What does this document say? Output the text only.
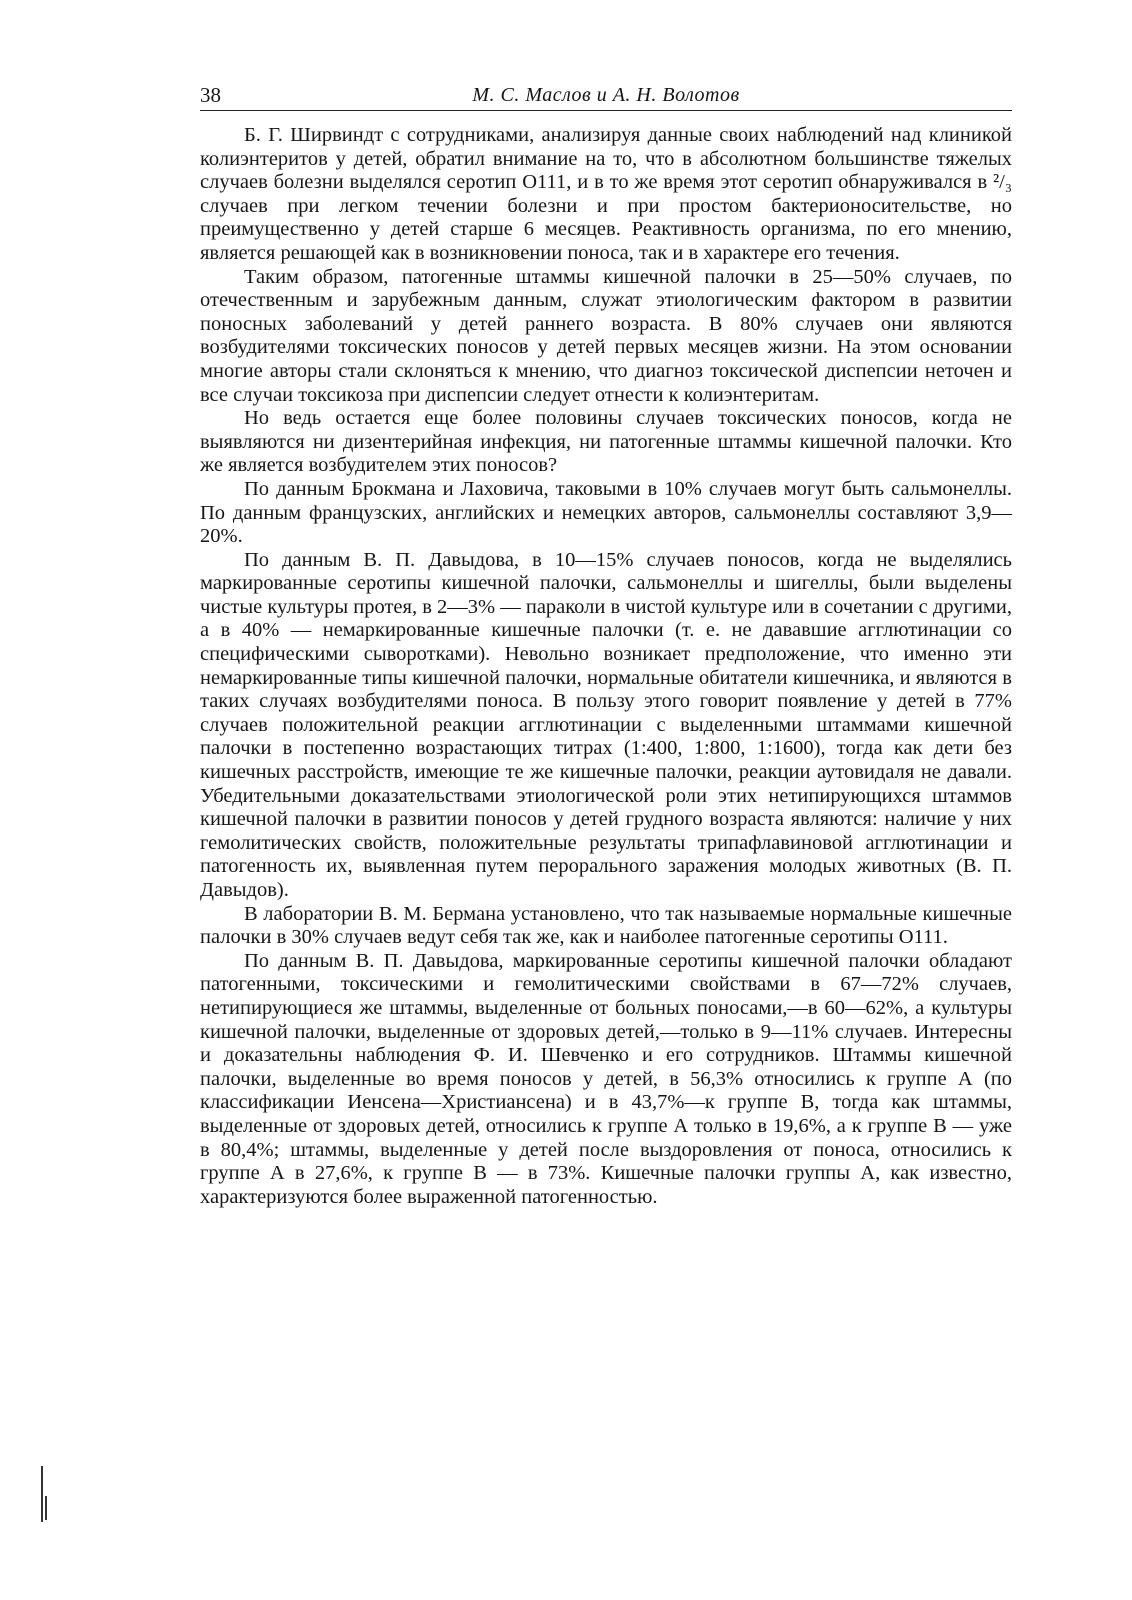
38	М. С. Маслов и А. Н. Волотов

Б. Г. Ширвиндт с сотрудниками, анализируя данные своих наблюдений над клиникой колиэнтеритов у детей, обратил внимание на то, что в абсолютном большинстве тяжелых случаев болезни выделялся серотип О111, и в то же время этот серотип обнаруживался в ²/₃ случаев при легком течении болезни и при простом бактерионосительстве, но преимущественно у детей старше 6 месяцев. Реактивность организма, по его мнению, является решающей как в возникновении поноса, так и в характере его течения.

Таким образом, патогенные штаммы кишечной палочки в 25—50% случаев, по отечественным и зарубежным данным, служат этиологическим фактором в развитии поносных заболеваний у детей раннего возраста. В 80% случаев они являются возбудителями токсических поносов у детей первых месяцев жизни. На этом основании многие авторы стали склоняться к мнению, что диагноз токсической диспепсии неточен и все случаи токсикоза при диспепсии следует отнести к колиэнтеритам.

Но ведь остается еще более половины случаев токсических поносов, когда не выявляются ни дизентерийная инфекция, ни патогенные штаммы кишечной палочки. Кто же является возбудителем этих поносов?

По данным Брокмана и Лаховича, таковыми в 10% случаев могут быть сальмонеллы. По данным французских, английских и немецких авторов, сальмонеллы составляют 3,9—20%.

По данным В. П. Давыдова, в 10—15% случаев поносов, когда не выделялись маркированные серотипы кишечной палочки, сальмонеллы и шигеллы, были выделены чистые культуры протея, в 2—3% — параколи в чистой культуре или в сочетании с другими, а в 40% — немаркированные кишечные палочки (т. е. не дававшие агглютинации со специфическими сыворотками). Невольно возникает предположение, что именно эти немаркированные типы кишечной палочки, нормальные обитатели кишечника, и являются в таких случаях возбудителями поноса. В пользу этого говорит появление у детей в 77% случаев положительной реакции агглютинации с выделенными штаммами кишечной палочки в постепенно возрастающих титрах (1:400, 1:800, 1:1600), тогда как дети без кишечных расстройств, имеющие те же кишечные палочки, реакции аутовидаля не давали. Убедительными доказательствами этиологической роли этих нетипирующихся штаммов кишечной палочки в развитии поносов у детей грудного возраста являются: наличие у них гемолитических свойств, положительные результаты трипафлавиновой агглютинации и патогенность их, выявленная путем перорального заражения молодых животных (В. П. Давыдов).

В лаборатории В. М. Бермана установлено, что так называемые нормальные кишечные палочки в 30% случаев ведут себя так же, как и наиболее патогенные серотипы О111.

По данным В. П. Давыдова, маркированные серотипы кишечной палочки обладают патогенными, токсическими и гемолитическими свойствами в 67—72% случаев, нетипирующиеся же штаммы, выделенные от больных поносами,—в 60—62%, а культуры кишечной палочки, выделенные от здоровых детей,—только в 9—11% случаев. Интересны и доказательны наблюдения Ф. И. Шевченко и его сотрудников. Штаммы кишечной палочки, выделенные во время поносов у детей, в 56,3% относились к группе А (по классификации Иенсена—Христиансена) и в 43,7%—к группе В, тогда как штаммы, выделенные от здоровых детей, относились к группе А только в 19,6%, а к группе В — уже в 80,4%; штаммы, выделенные у детей после выздоровления от поноса, относились к группе А в 27,6%, к группе В — в 73%. Кишечные палочки группы А, как известно, характеризуются более выраженной патогенностью.
